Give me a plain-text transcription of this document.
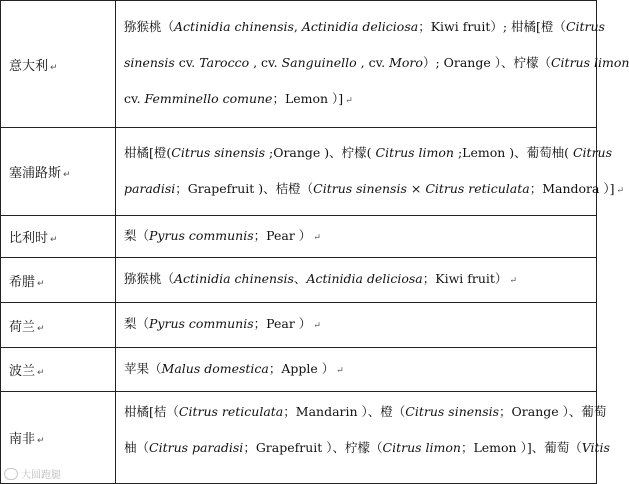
意大利 ↵	猕猴桃（Actinidia chinensis, Actinidia deliciosa；Kiwi fruit）; 柑橘[橙（Citrus
sinensis cv. Tarocco , cv. Sanguinello , cv. Moro）; Orange ）、柠檬（Citrus limon
cv. Femminello comune；Lemon ）] ↵

塞浦路斯 ↵	柑橘[橙(Citrus sinensis ;Orange )、柠檬( Citrus limon ;Lemon )、葡萄柚( Citrus
paradisi；Grapefruit )、桔橙（Citrus sinensis × Citrus reticulata；Mandora ）] ↵

比利时 ↵	梨（Pyrus communis；Pear ） ↵

希腊 ↵	猕猴桃（Actinidia chinensis、Actinidia deliciosa；Kiwi fruit） ↵

荷兰 ↵	梨（Pyrus communis；Pear ） ↵

波兰 ↵	苹果（Malus domestica；Apple ） ↵

南非 ↵	柑橘[桔（Citrus reticulata；Mandarin ）、橙（Citrus sinensis；Orange ）、葡萄
柚（Citrus paradisi；Grapefruit ）、柠檬（Citrus limon；Lemon ）]、葡萄（Vitis
大圆跑腿
